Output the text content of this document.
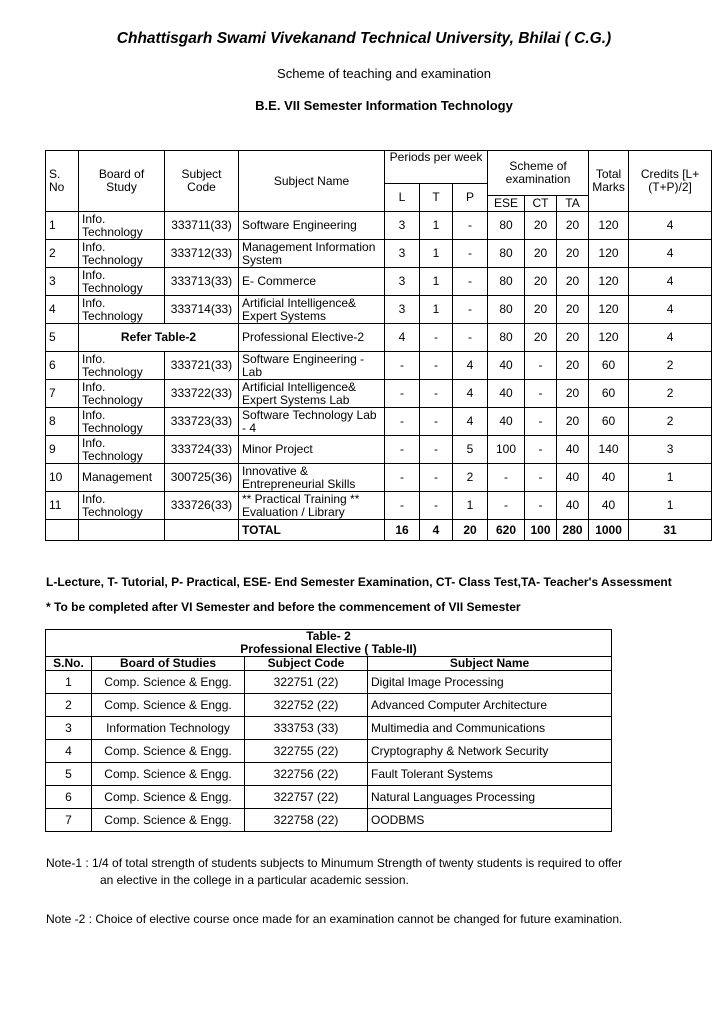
Chhattisgarh Swami Vivekanand Technical University, Bhilai ( C.G.)
Scheme of teaching and examination
B.E. VII Semester Information Technology
S. No	Board of Study	Subject Code	Subject Name	Periods per week			Scheme of examination			Total Marks	Credits [L+(T+P)/2]
				L	T	P					
							ESE	CT	TA		
1	Info. Technology	333711(33)	Software Engineering	3	1	-	80	20	20	120	4
2	Info. Technology	333712(33)	Management Information System	3	1	-	80	20	20	120	4
3	Info. Technology	333713(33)	E- Commerce	3	1	-	80	20	20	120	4
4	Info. Technology	333714(33)	Artificial Intelligence& Expert Systems	3	1	-	80	20	20	120	4
5	Refer Table-2		Professional Elective-2	4	-	-	80	20	20	120	4
6	Info. Technology	333721(33)	Software Engineering - Lab	-	-	4	40	-	20	60	2
7	Info. Technology	333722(33)	Artificial Intelligence& Expert Systems Lab	-	-	4	40	-	20	60	2
8	Info. Technology	333723(33)	Software Technology Lab - 4	-	-	4	40	-	20	60	2
9	Info. Technology	333724(33)	Minor Project	-	-	5	100	-	40	140	3
10	Management	300725(36)	Innovative & Entrepreneurial Skills	-	-	2	-	-	40	40	1
11	Info. Technology	333726(33)	** Practical Training ** Evaluation / Library	-	-	1	-	-	40	40	1
			TOTAL	16	4	20	620	100	280	1000	31
L-Lecture, T- Tutorial, P- Practical, ESE- End Semester Examination, CT- Class Test,TA- Teacher's Assessment
* To be completed after VI Semester and before the commencement of VII Semester
Table- 2			
Professional Elective ( Table-II)			
S.No.	Board of Studies	Subject Code	Subject Name
1	Comp. Science & Engg.	322751 (22)	Digital Image Processing
2	Comp. Science & Engg.	322752 (22)	Advanced Computer Architecture
3	Information Technology	333753 (33)	Multimedia and Communications
4	Comp. Science & Engg.	322755 (22)	Cryptography & Network Security
5	Comp. Science & Engg.	322756 (22)	Fault Tolerant Systems
6	Comp. Science & Engg.	322757 (22)	Natural Languages Processing
7	Comp. Science & Engg.	322758 (22)	OODBMS
Note-1 : 1/4 of total strength of students subjects to Minumum Strength of twenty students is required to offer
an elective in the college in a particular academic session.
Note -2 : Choice of elective course once made for an examination cannot be changed for future examination.
